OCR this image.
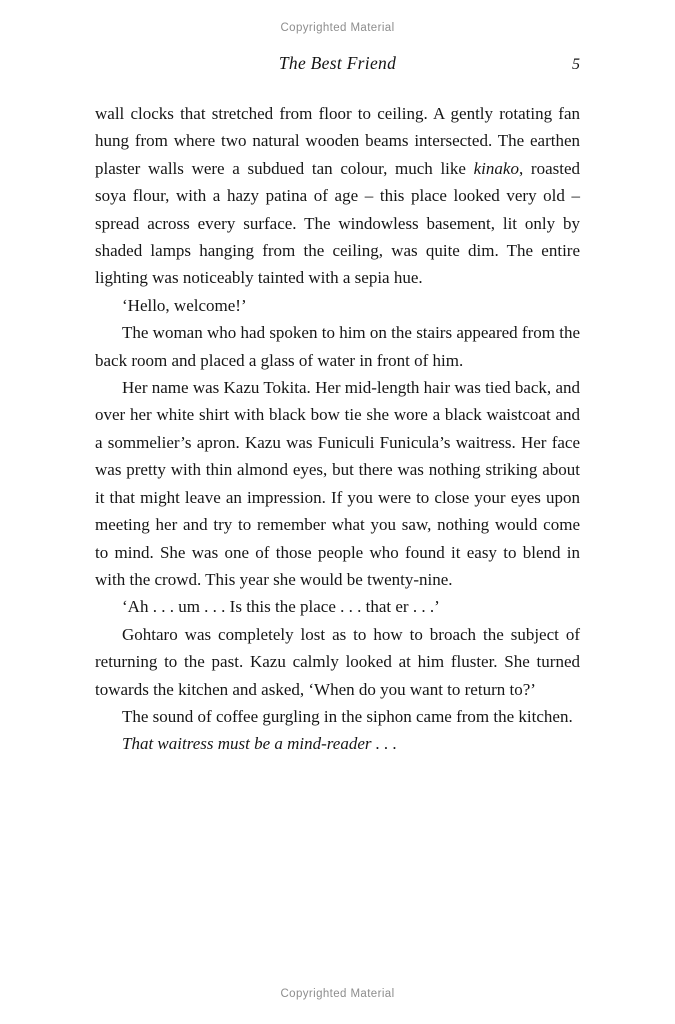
Copyrighted Material
The Best Friend	5

wall clocks that stretched from floor to ceiling. A gently rotating fan hung from where two natural wooden beams intersected. The earthen plaster walls were a subdued tan colour, much like kinako, roasted soya flour, with a hazy patina of age – this place looked very old – spread across every surface. The windowless basement, lit only by shaded lamps hanging from the ceiling, was quite dim. The entire lighting was noticeably tainted with a sepia hue.

‘Hello, welcome!’

The woman who had spoken to him on the stairs appeared from the back room and placed a glass of water in front of him.

Her name was Kazu Tokita. Her mid-length hair was tied back, and over her white shirt with black bow tie she wore a black waistcoat and a sommelier’s apron. Kazu was Funiculi Funicula’s waitress. Her face was pretty with thin almond eyes, but there was nothing striking about it that might leave an impression. If you were to close your eyes upon meeting her and try to remember what you saw, nothing would come to mind. She was one of those people who found it easy to blend in with the crowd. This year she would be twenty-nine.

‘Ah . . . um . . . Is this the place . . . that er . . .’

Gohtaro was completely lost as to how to broach the subject of returning to the past. Kazu calmly looked at him fluster. She turned towards the kitchen and asked, ‘When do you want to return to?’

The sound of coffee gurgling in the siphon came from the kitchen.

That waitress must be a mind-reader . . .

Copyrighted Material
